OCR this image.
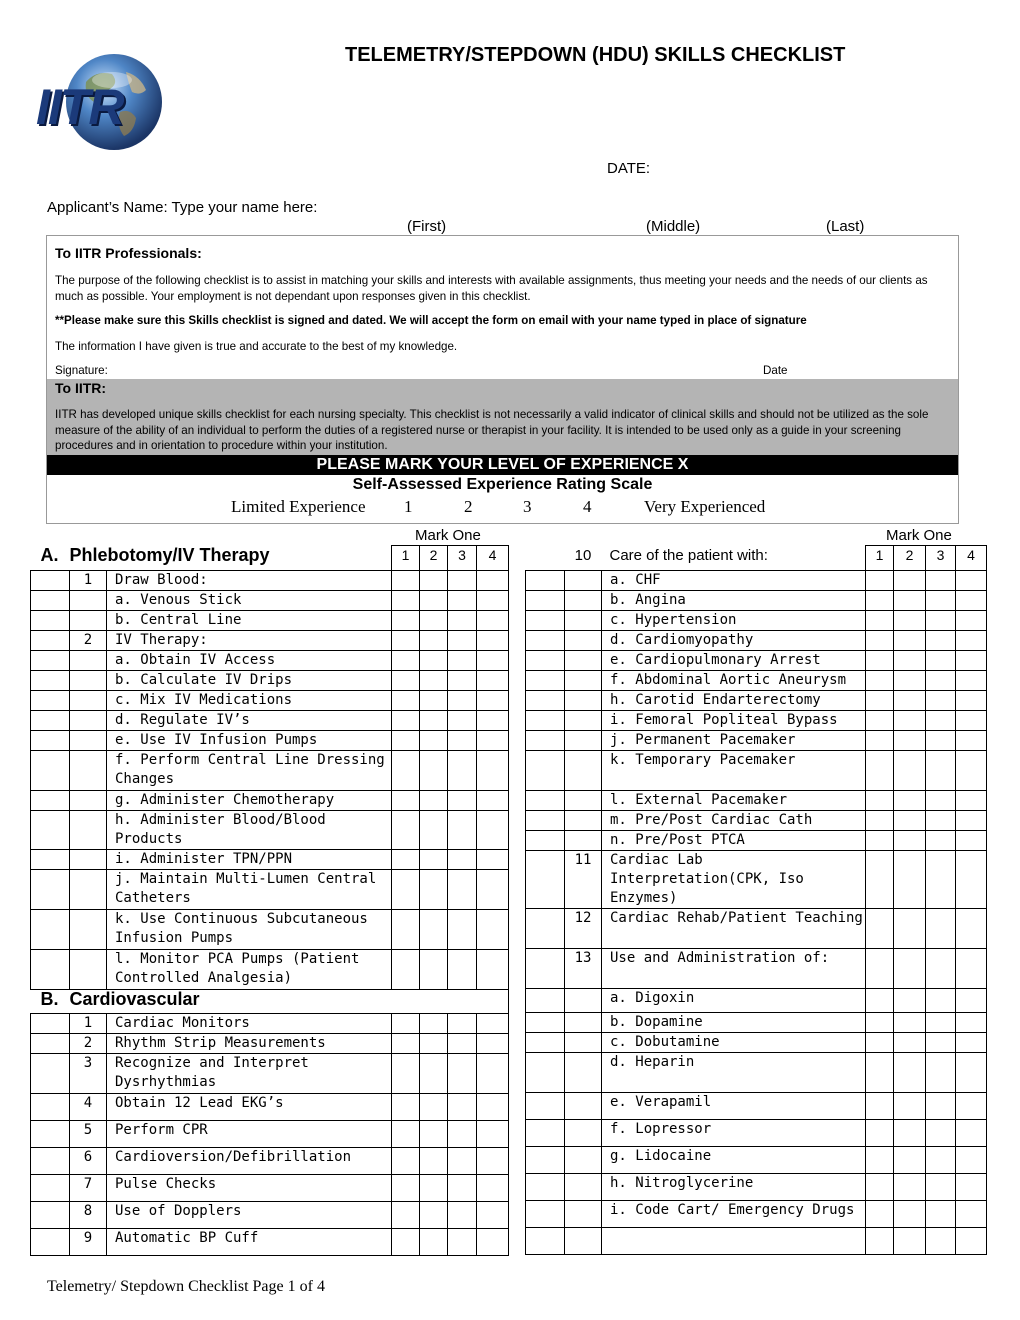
TELEMETRY/STEPDOWN (HDU) SKILLS CHECKLIST
IITR
DATE:
Applicant’s Name: Type your name here:
(First)	(Middle)	(Last)
To IITR Professionals:
The purpose of the following checklist is to assist in matching your skills and interests with available assignments, thus meeting your needs and the needs of our clients as much as possible. Your employment is not dependant upon responses given in this checklist.
**Please make sure this Skills checklist is signed and dated. We will accept the form on email with your name typed in place of signature
The information I have given is true and accurate to the best of my knowledge.
Signature:	Date
To IITR:
IITR has developed unique skills checklist for each nursing specialty. This checklist is not necessarily a valid indicator of clinical skills and should not be utilized as the sole measure of the ability of an individual to perform the duties of a registered nurse or therapist in your facility. It is intended to be used only as a guide in your screening procedures and in orientation to procedure within your institution.
PLEASE MARK YOUR LEVEL OF EXPERIENCE X
Self-Assessed Experience Rating Scale
Limited Experience 1	2	3	4	Very Experienced
Mark One	Mark One
A.	Phlebotomy/IV Therapy		1	2	3	4
	1	Draw Blood:				
		a. Venous Stick				
		b. Central Line				
	2	IV Therapy:				
		a. Obtain IV Access				
		b. Calculate IV Drips				
		c. Mix IV Medications				
		d. Regulate IV’s				
		e. Use IV Infusion Pumps				
		f. Perform Central Line Dressing Changes				
		g. Administer Chemotherapy				
		h. Administer Blood/Blood Products				
		i. Administer TPN/PPN				
		j. Maintain Multi-Lumen Central Catheters				
		k. Use Continuous Subcutaneous Infusion Pumps				
		l. Monitor PCA Pumps (Patient Controlled Analgesia)				
B.	Cardiovascular					
	1	Cardiac Monitors				
	2	Rhythm Strip Measurements				
	3	Recognize and Interpret Dysrhythmias				
	4	Obtain 12 Lead EKG’s				
	5	Perform CPR				
	6	Cardioversion/Defibrillation				
	7	Pulse Checks				
	8	Use of Dopplers				
	9	Automatic BP Cuff				
	10	Care of the patient with:	1	2	3	4
		a. CHF				
		b. Angina				
		c. Hypertension				
		d. Cardiomyopathy				
		e. Cardiopulmonary Arrest				
		f. Abdominal Aortic Aneurysm				
		h. Carotid Endarterectomy				
		i. Femoral Popliteal Bypass				
		j. Permanent Pacemaker				
		k. Temporary Pacemaker				
		l. External Pacemaker				
		m. Pre/Post Cardiac Cath				
		n. Pre/Post PTCA				
	11	Cardiac Lab Interpretation(CPK, Iso Enzymes)				
	12	Cardiac Rehab/Patient Teaching				
	13	Use and Administration of:				
		a. Digoxin				
		b. Dopamine				
		c. Dobutamine				
		d. Heparin				
		e. Verapamil				
		f. Lopressor				
		g. Lidocaine				
		h. Nitroglycerine				
		i. Code Cart/ Emergency Drugs				

Telemetry/ Stepdown Checklist Page 1 of 4
